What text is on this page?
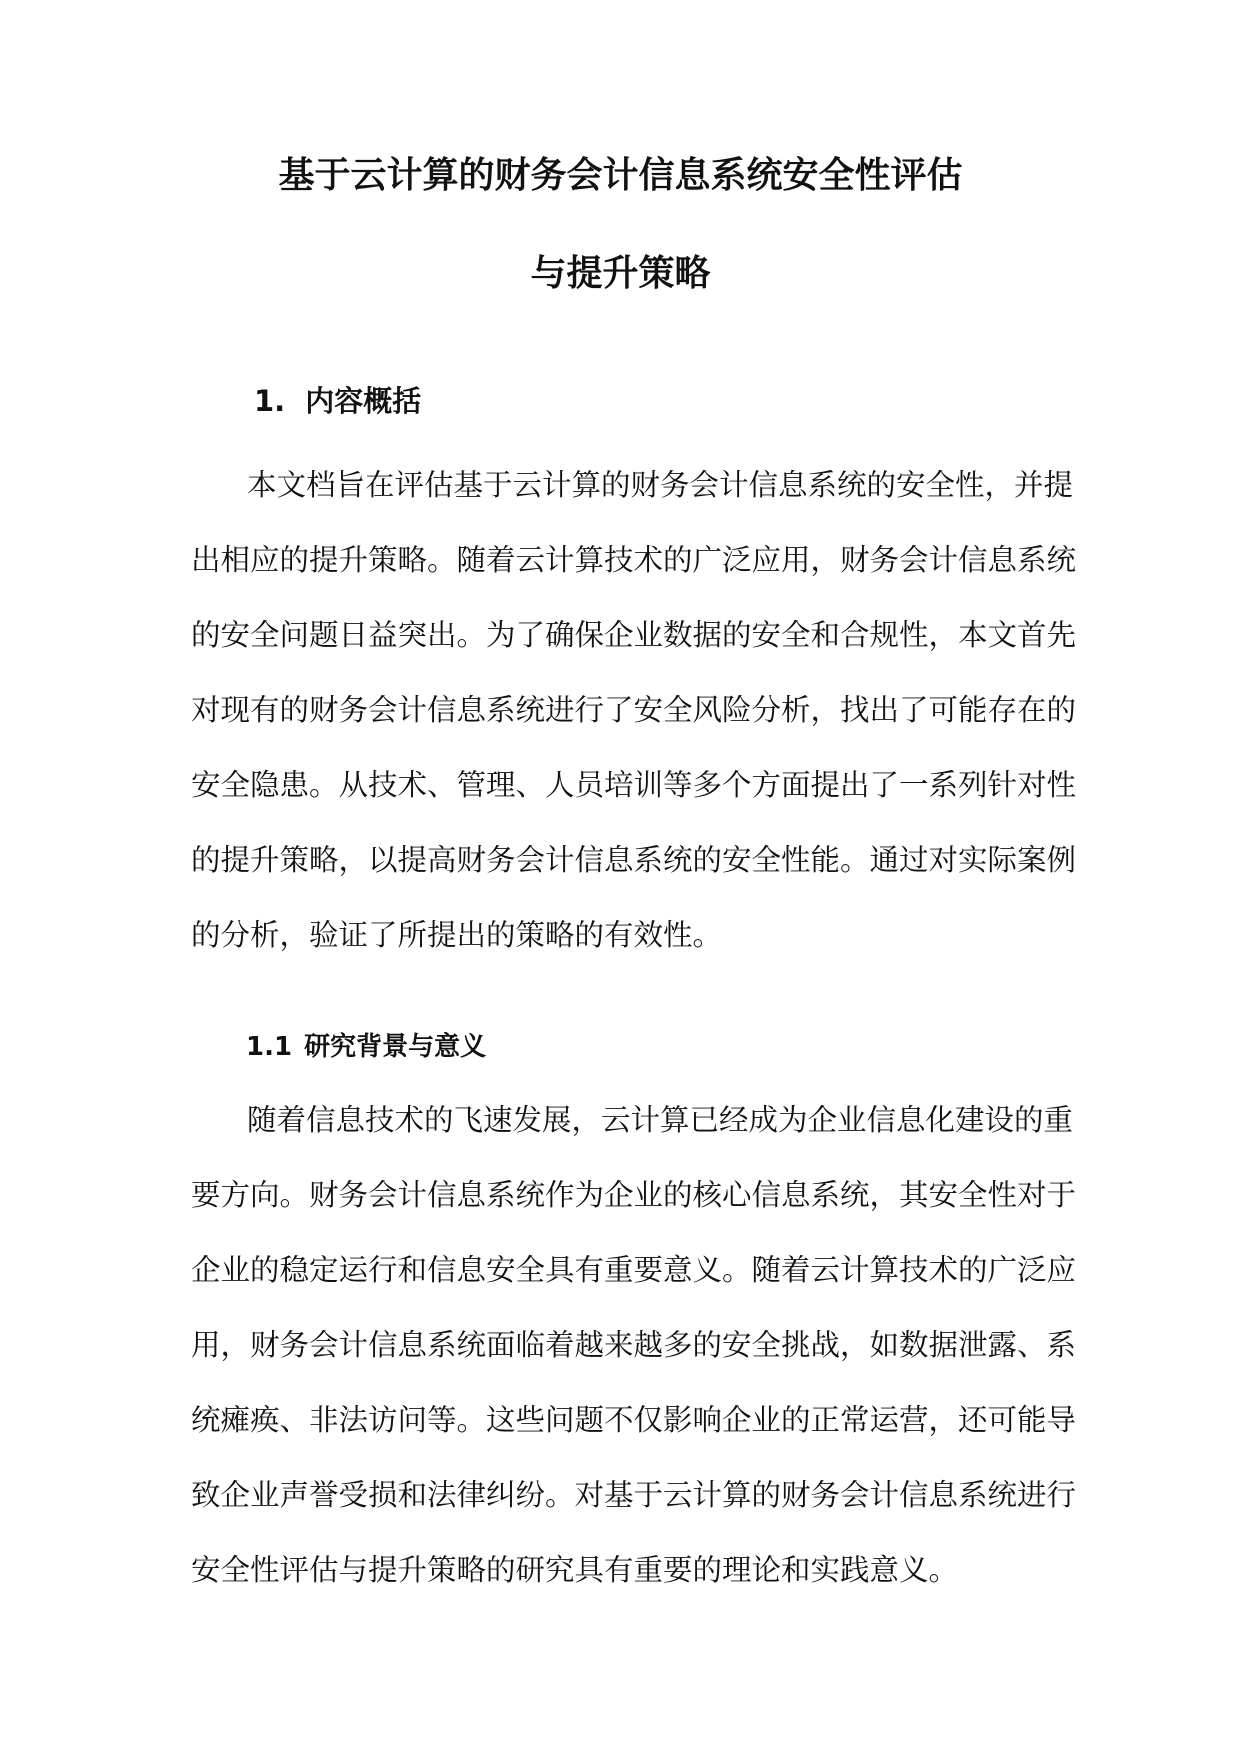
基于云计算的财务会计信息系统安全性评估
与提升策略
1. 内容概括
本文档旨在评估基于云计算的财务会计信息系统的安全性，并提
出相应的提升策略。随着云计算技术的广泛应用，财务会计信息系统
的安全问题日益突出。为了确保企业数据的安全和合规性，本文首先
对现有的财务会计信息系统进行了安全风险分析，找出了可能存在的
安全隐患。从技术、管理、人员培训等多个方面提出了一系列针对性
的提升策略，以提高财务会计信息系统的安全性能。通过对实际案例
的分析，验证了所提出的策略的有效性。
1.1 研究背景与意义
随着信息技术的飞速发展，云计算已经成为企业信息化建设的重
要方向。财务会计信息系统作为企业的核心信息系统，其安全性对于
企业的稳定运行和信息安全具有重要意义。随着云计算技术的广泛应
用，财务会计信息系统面临着越来越多的安全挑战，如数据泄露、系
统瘫痪、非法访问等。这些问题不仅影响企业的正常运营，还可能导
致企业声誉受损和法律纠纷。对基于云计算的财务会计信息系统进行
安全性评估与提升策略的研究具有重要的理论和实践意义。
